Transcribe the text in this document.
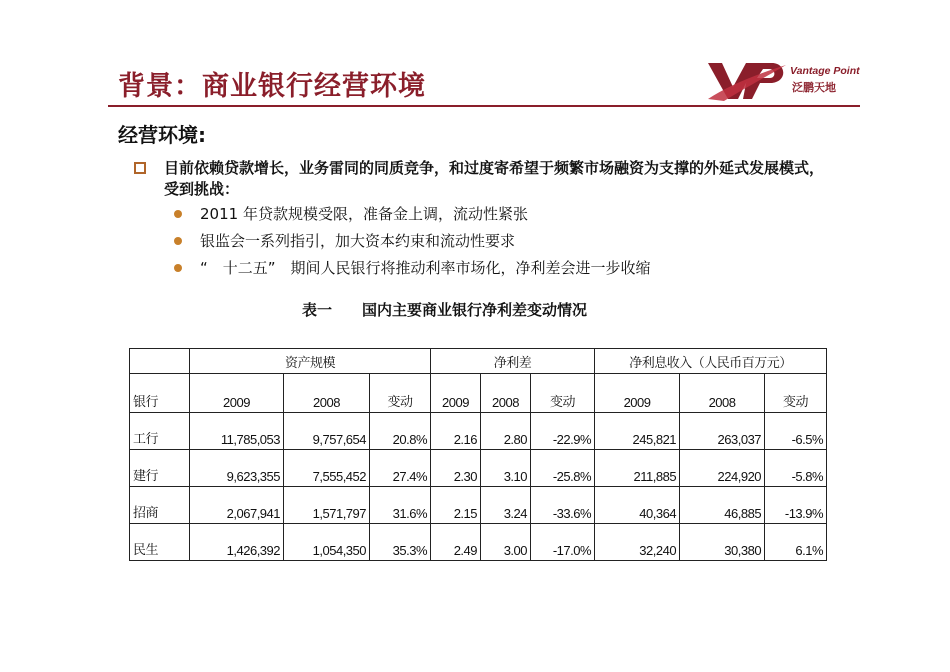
背景：商业银行经营环境	Vantage Point
泛鹏天地
经营环境:
目前依赖贷款增长，业务雷同的同质竞争，和过度寄希望于频繁市场融资为支撑的外延式发展模式，受到挑战：
2011 年贷款规模受限，准备金上调，流动性紧张
银监会一系列指引，加大资本约束和流动性要求
“　十二五”　期间人民银行将推动利率市场化，净利差会进一步收缩
表一　　国内主要商业银行净利差变动情况
	资产规模			净利差			净利息收入（人民币百万元）		
银行	2009	2008	变动	2009	2008	变动	2009	2008	变动
工行	11,785,053	9,757,654	20.8%	2.16	2.80	-22.9%	245,821	263,037	-6.5%
建行	9,623,355	7,555,452	27.4%	2.30	3.10	-25.8%	211,885	224,920	-5.8%
招商	2,067,941	1,571,797	31.6%	2.15	3.24	-33.6%	40,364	46,885	-13.9%
民生	1,426,392	1,054,350	35.3%	2.49	3.00	-17.0%	32,240	30,380	6.1%
